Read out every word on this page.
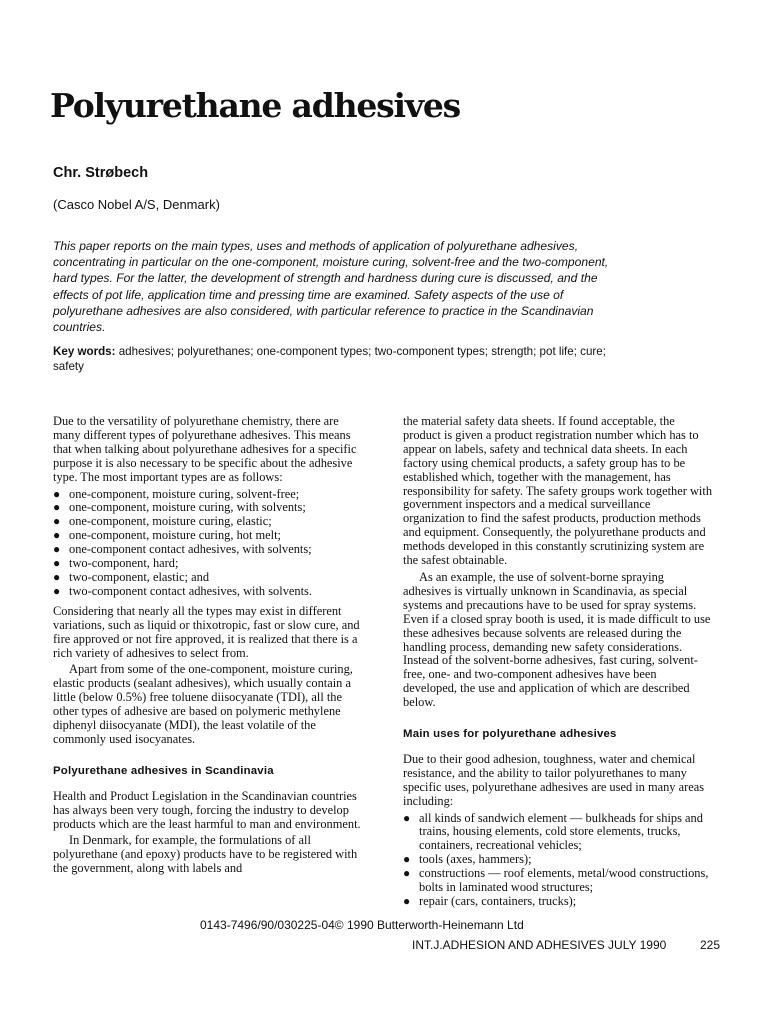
Polyurethane adhesives
Chr. Strøbech
(Casco Nobel A/S, Denmark)

This paper reports on the main types, uses and methods of application of polyurethane adhesives, concentrating in particular on the one-component, moisture curing, solvent-free and the two-component, hard types. For the latter, the development of strength and hardness during cure is discussed, and the effects of pot life, application time and pressing time are examined. Safety aspects of the use of polyurethane adhesives are also considered, with particular reference to practice in the Scandinavian countries.

Key words: adhesives; polyurethanes; one-component types; two-component types; strength; pot life; cure; safety

Due to the versatility of polyurethane chemistry, there are many different types of polyurethane adhesives. This means that when talking about polyurethane adhesives for a specific purpose it is also necessary to be specific about the adhesive type. The most important types are as follows:

● one-component, moisture curing, solvent-free;
● one-component, moisture curing, with solvents;
● one-component, moisture curing, elastic;
● one-component, moisture curing, hot melt;
● one-component contact adhesives, with solvents;
● two-component, hard;
● two-component, elastic; and
● two-component contact adhesives, with solvents.

Considering that nearly all the types may exist in different variations, such as liquid or thixotropic, fast or slow cure, and fire approved or not fire approved, it is realized that there is a rich variety of adhesives to select from.

Apart from some of the one-component, moisture curing, elastic products (sealant adhesives), which usually contain a little (below 0.5%) free toluene diisocyanate (TDI), all the other types of adhesive are based on polymeric methylene diphenyl diisocyanate (MDI), the least volatile of the commonly used isocyanates.

Polyurethane adhesives in Scandinavia

Health and Product Legislation in the Scandinavian countries has always been very tough, forcing the industry to develop products which are the least harmful to man and environment.

In Denmark, for example, the formulations of all polyurethane (and epoxy) products have to be registered with the government, along with labels and

the material safety data sheets. If found acceptable, the product is given a product registration number which has to appear on labels, safety and technical data sheets. In each factory using chemical products, a safety group has to be established which, together with the management, has responsibility for safety. The safety groups work together with government inspectors and a medical surveillance organization to find the safest products, production methods and equipment. Consequently, the polyurethane products and methods developed in this constantly scrutinizing system are the safest obtainable.

As an example, the use of solvent-borne spraying adhesives is virtually unknown in Scandinavia, as special systems and precautions have to be used for spray systems. Even if a closed spray booth is used, it is made difficult to use these adhesives because solvents are released during the handling process, demanding new safety considerations. Instead of the solvent-borne adhesives, fast curing, solvent-free, one- and two-component adhesives have been developed, the use and application of which are described below.

Main uses for polyurethane adhesives

Due to their good adhesion, toughness, water and chemical resistance, and the ability to tailor polyurethanes to many specific uses, polyurethane adhesives are used in many areas including:

● all kinds of sandwich element — bulkheads for ships and trains, housing elements, cold store elements, trucks, containers, recreational vehicles;
● tools (axes, hammers);
● constructions — roof elements, metal/wood constructions, bolts in laminated wood structures;
● repair (cars, containers, trucks);
0143-7496/90/030225-04© 1990 Butterworth-Heinemann Ltd
INT.J.ADHESION AND ADHESIVES JULY 1990	225
